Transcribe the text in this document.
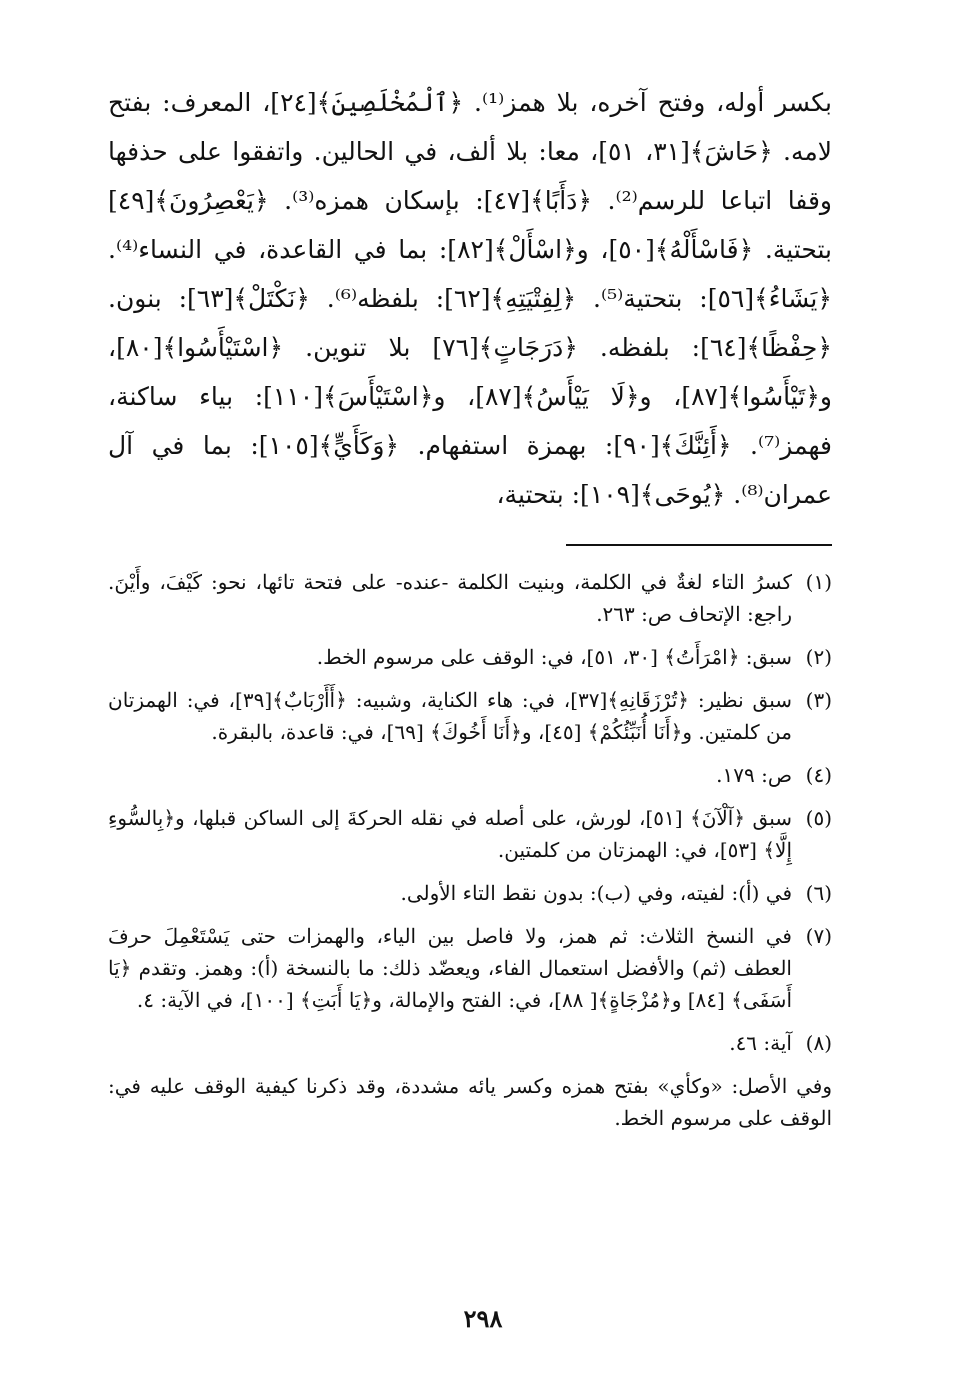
بكسر أوله، وفتح آخره، بلا همز⁽¹⁾. ﴿ٱلْمُخْلَصِينَ﴾[٢٤]، المعرف: بفتح لامه. ﴿حَاشَ﴾[٣١، ٥١]، معا: بلا ألف، في الحالين. واتفقوا على حذفها وقفا اتباعا للرسم⁽²⁾. ﴿دَأَبًا﴾[٤٧]: بإسكان همزه⁽³⁾. ﴿يَعْصِرُونَ﴾[٤٩] بتحتية. ﴿فَاسْأَلْهُ﴾[٥٠]، و﴿اسْأَلْ﴾[٨٢]: بما في القاعدة، في النساء⁽⁴⁾. ﴿يَشَاءُ﴾[٥٦]: بتحتية⁽⁵⁾. ﴿لِفِتْيَتِهِ﴾[٦٢]: بلفظه⁽⁶⁾. ﴿نَكْتَلْ﴾[٦٣]: بنون. ﴿حِفْظًا﴾[٦٤]: بلفظه. ﴿دَرَجَاتٍ﴾[٧٦] بلا تنوين. ﴿اسْتَيْأَسُوا﴾[٨٠]، و﴿تَيْأَسُوا﴾[٨٧]، و﴿لَا يَيْأَسُ﴾[٨٧]، و﴿اسْتَيْأَسَ﴾[١١٠]: بياء ساكنة، فهمز⁽⁷⁾. ﴿أَئِنَّكَ﴾[٩٠]: بهمزة استفهام. ﴿وَكَأَيٍّ﴾[١٠٥]: بما في آل عمران⁽⁸⁾. ﴿يُوحَى﴾[١٠٩]: بتحتية،

(١)
كسرُ التاء لغةٌ في الكلمة، وبنيت الكلمة -عنده- على فتحة تائها، نحو: كَيْفَ، وأَيْنَ. راجع: الإتحاف ص: ٢٦٣.
(٢)
سبق: ﴿امْرَأَتُ﴾ [٣٠، ٥١]، في: الوقف على مرسوم الخط.
(٣)
سبق نظير: ﴿تُرْزَقَانِهِ﴾[٣٧]، في: هاء الكناية، وشبيه: ﴿أَأَرْبَابٌ﴾[٣٩]، في: الهمزتان من كلمتين. و﴿أَنَا أُنَبِّئُكُمْ﴾ [٤٥]، و﴿أَنَا أَخُوكَ﴾ [٦٩]، في: قاعدة، بالبقرة.
(٤)
ص: ١٧٩.
(٥)
سبق ﴿آلْآنَ﴾ [٥١]، لورش، على أصله في نقله الحركةَ إلى الساكن قبلها، و﴿بِالسُّوءِ إِلَّا﴾ [٥٣]، في: الهمزتان من كلمتين.
(٦)
في (أ): لفيته، وفي (ب): بدون نقط التاء الأولى.
(٧)
في النسخ الثلاث: ثم همز، ولا فاصل بين الياء، والهمزات حتى يَسْتَعْمِلَ حرفَ العطف (ثم) والأفضل استعمال الفاء، ويعضّد ذلك: ما بالنسخة (أ): وهمز. وتقدم ﴿يَا أَسَفَى﴾ [٨٤] و﴿مُزْجَاةٍ﴾[ ٨٨]، في: الفتح والإمالة، و﴿يَا أَبَتِ﴾ [١٠٠]، في الآية: ٤.
(٨)
آية: ٤٦.
وفي الأصل: «وكأي» بفتح همزه وكسر يائه مشددة، وقد ذكرنا كيفية الوقف عليه في: الوقف على مرسوم الخط.
٢٩٨
